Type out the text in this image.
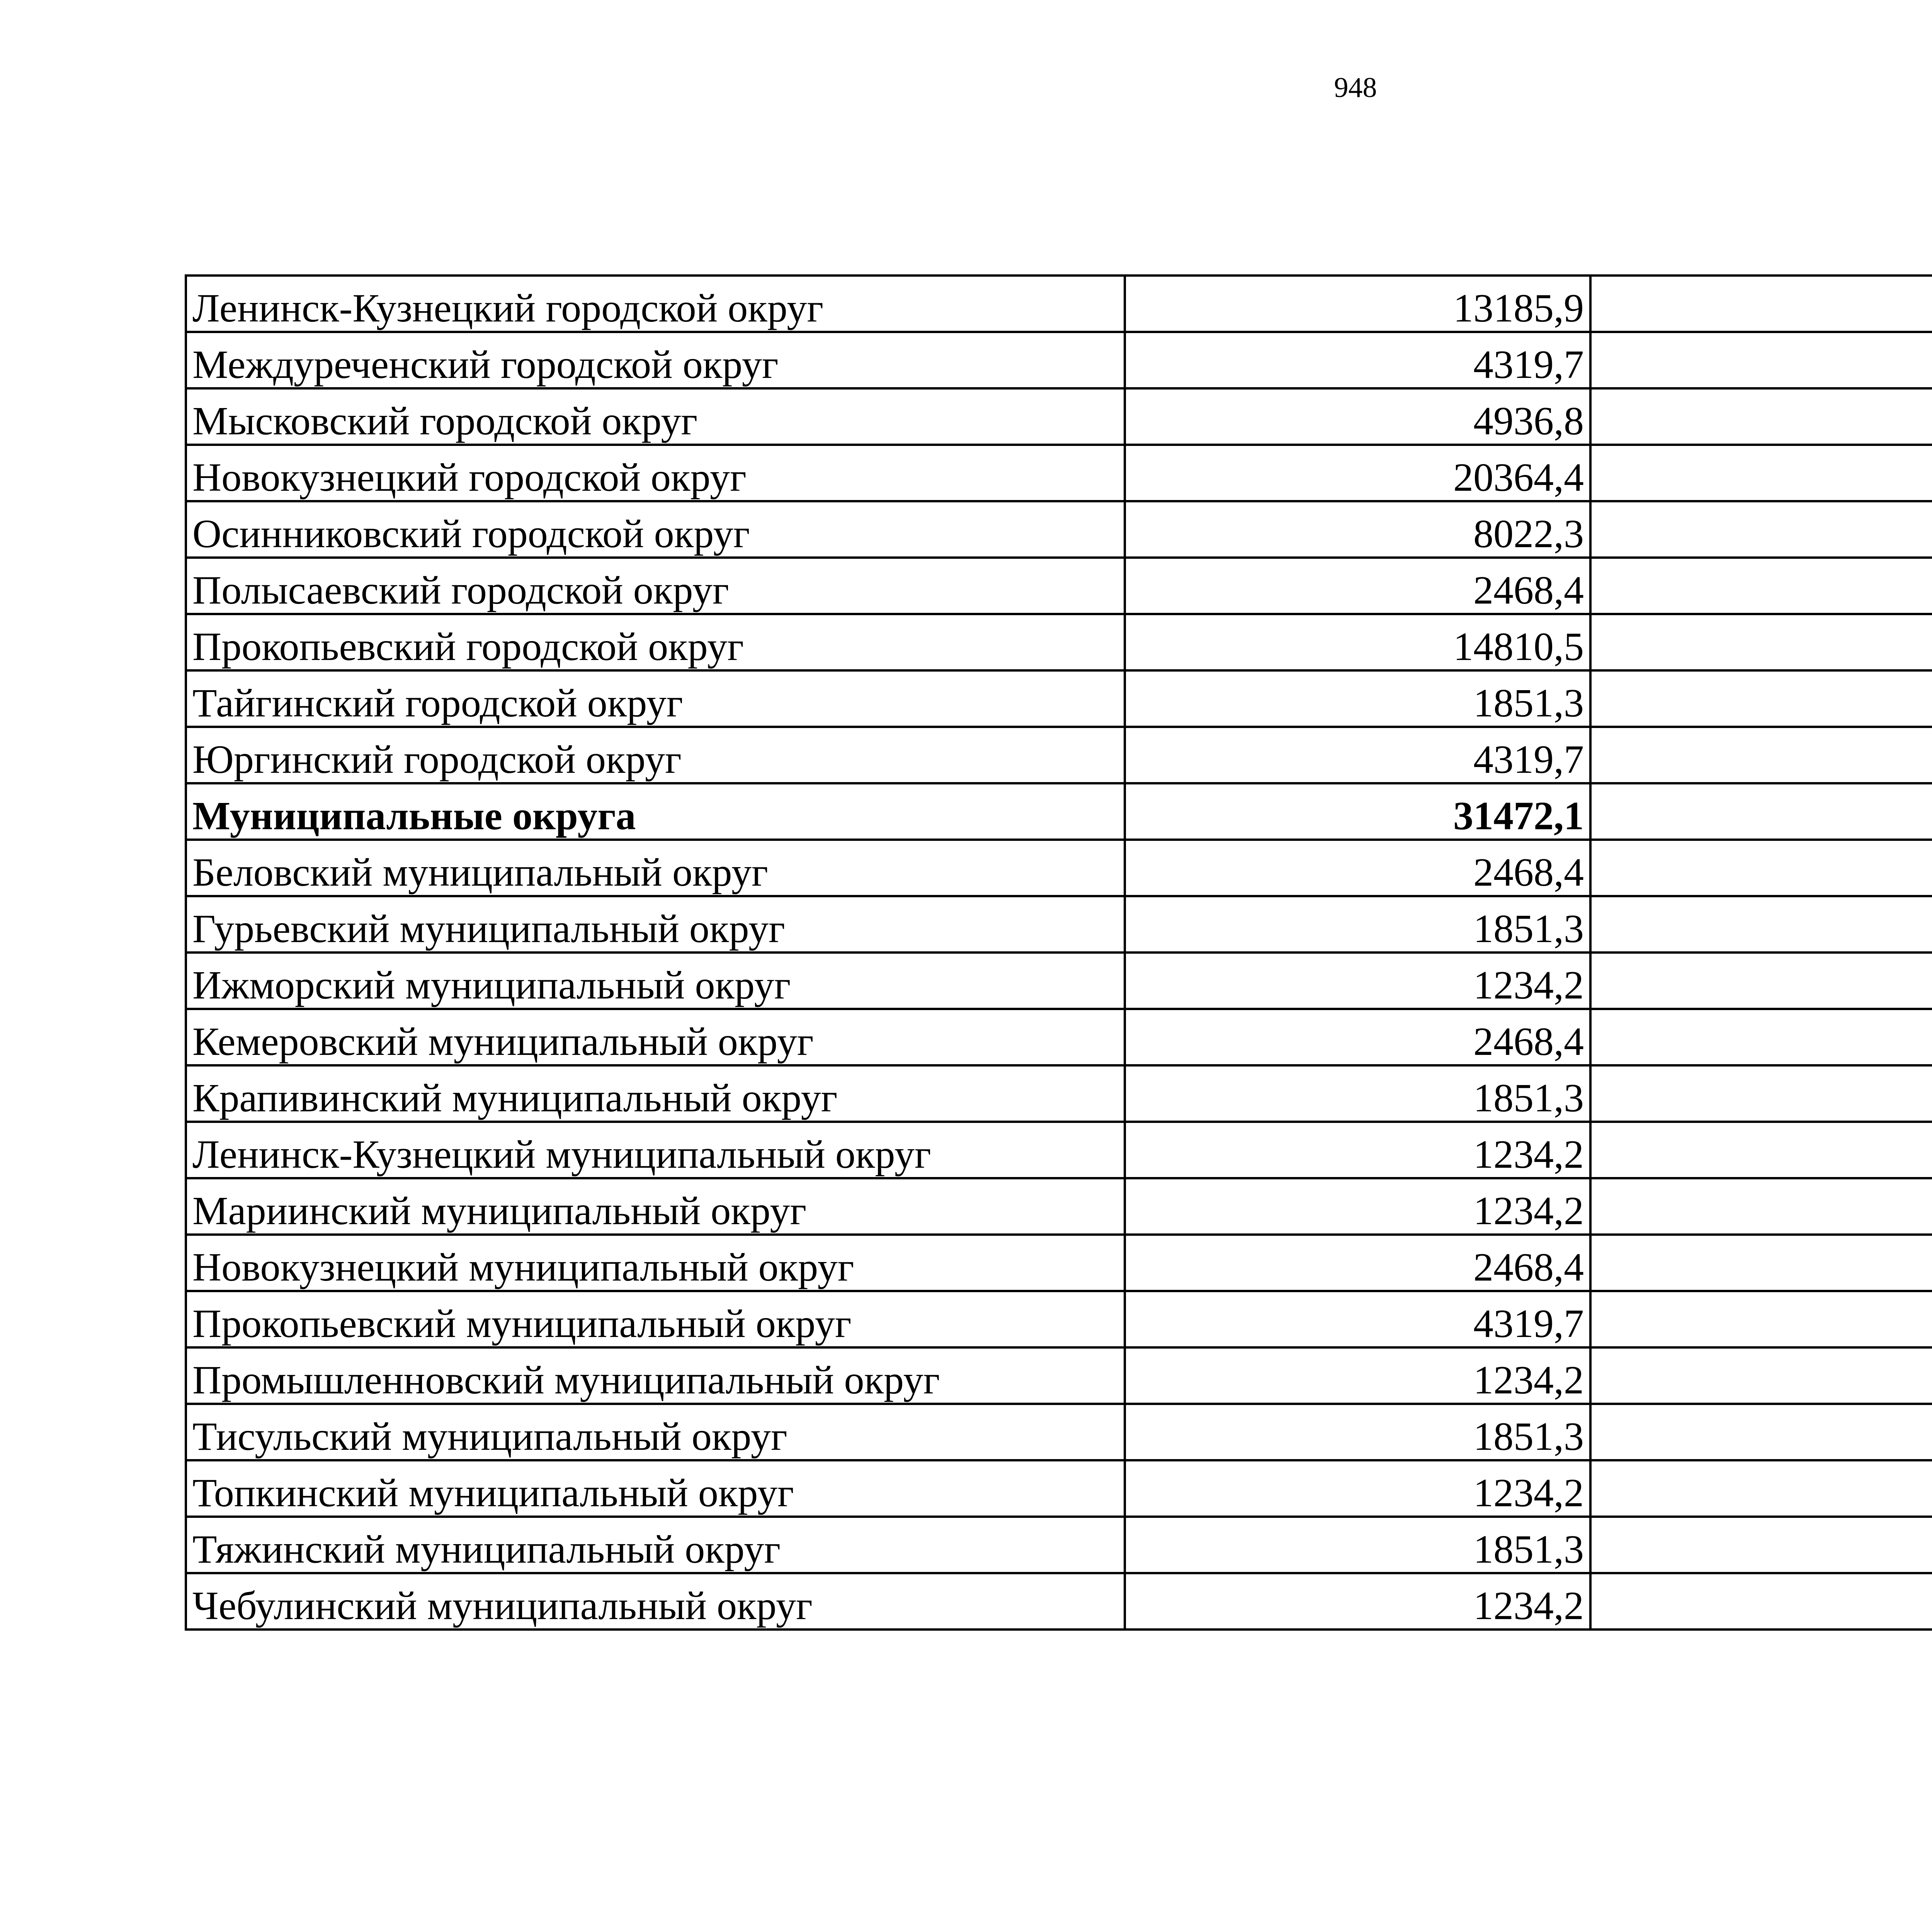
948
Ленинск-Кузнецкий городской округ	13185,9	
Междуреченский городской округ	4319,7	
Мысковский городской округ	4936,8	
Новокузнецкий городской округ	20364,4	
Осинниковский городской округ	8022,3	
Полысаевский городской округ	2468,4	
Прокопьевский городской округ	14810,5	
Тайгинский городской округ	1851,3	
Юргинский городской округ	4319,7	
Муниципальные округа	31472,1	
Беловский муниципальный округ	2468,4	
Гурьевский муниципальный округ	1851,3	
Ижморский муниципальный округ	1234,2	
Кемеровский муниципальный округ	2468,4	
Крапивинский муниципальный округ	1851,3	
Ленинск-Кузнецкий муниципальный округ	1234,2	
Мариинский муниципальный округ	1234,2	
Новокузнецкий муниципальный округ	2468,4	
Прокопьевский муниципальный округ	4319,7	
Промышленновский муниципальный округ	1234,2	
Тисульский муниципальный округ	1851,3	
Топкинский муниципальный округ	1234,2	
Тяжинский муниципальный округ	1851,3	
Чебулинский муниципальный округ	1234,2	
